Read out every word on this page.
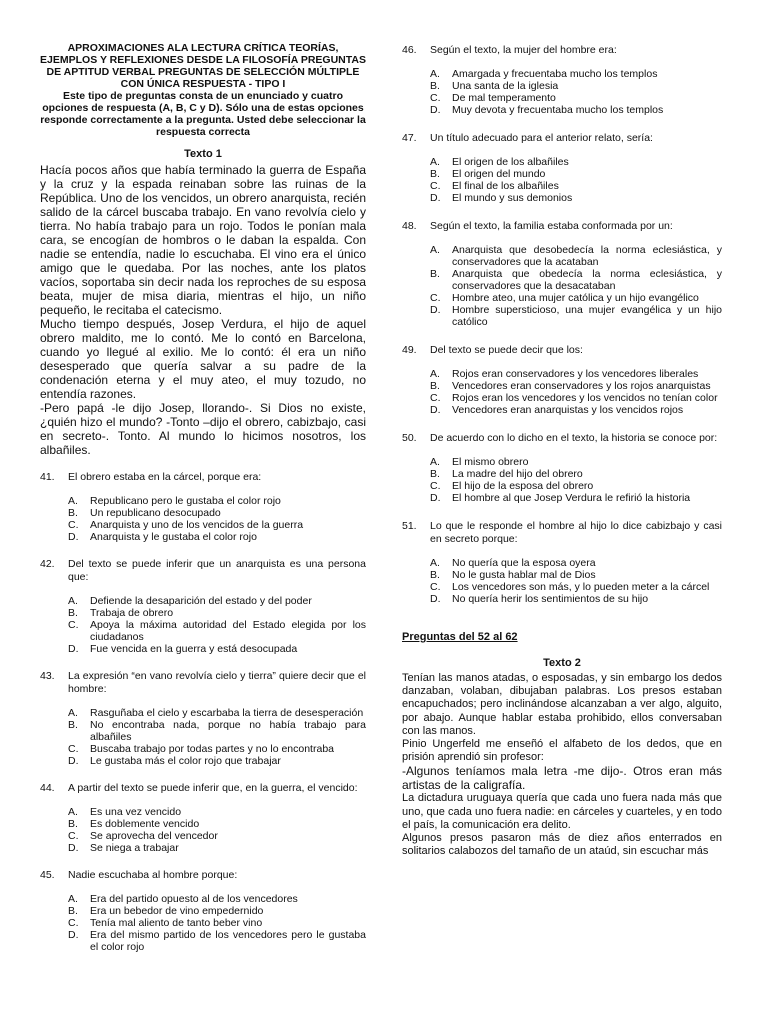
APROXIMACIONES ALA LECTURA CRÍTICA TEORÍAS, EJEMPLOS Y REFLEXIONES DESDE LA FILOSOFÍA PREGUNTAS DE APTITUD VERBAL PREGUNTAS DE SELECCIÓN MÚLTIPLE CON ÚNICA RESPUESTA - TIPO I
Este tipo de preguntas consta de un enunciado y cuatro opciones de respuesta (A, B, C y D). Sólo una de estas opciones responde correctamente a la pregunta. Usted debe seleccionar la respuesta correcta
Texto 1

Hacía pocos años que había terminado la guerra de España y la cruz y la espada reinaban sobre las ruinas de la República. Uno de los vencidos, un obrero anarquista, recién salido de la cárcel buscaba trabajo. En vano revolvía cielo y tierra. No había trabajo para un rojo. Todos le ponían mala cara, se encogían de hombros o le daban la espalda. Con nadie se entendía, nadie lo escuchaba. El vino era el único amigo que le quedaba. Por las noches, ante los platos vacíos, soportaba sin decir nada los reproches de su esposa beata, mujer de misa diaria, mientras el hijo, un niño pequeño, le recitaba el catecismo.

Mucho tiempo después, Josep Verdura, el hijo de aquel obrero maldito, me lo contó. Me lo contó en Barcelona, cuando yo llegué al exilio. Me lo contó: él era un niño desesperado que quería salvar a su padre de la condenación eterna y el muy ateo, el muy tozudo, no entendía razones.

-Pero papá -le dijo Josep, llorando-. Si Dios no existe, ¿quién hizo el mundo? -Tonto –dijo el obrero, cabizbajo, casi en secreto-. Tonto. Al mundo lo hicimos nosotros, los albañiles.

41.	El obrero estaba en la cárcel, porque era:

A.	Republicano pero le gustaba el color rojo
B.	Un republicano desocupado
C.	Anarquista y uno de los vencidos de la guerra
D.	Anarquista y le gustaba el color rojo

42.	Del texto se puede inferir que un anarquista es una persona que:

A.	Defiende la desaparición del estado y del poder
B.	Trabaja de obrero
C.	Apoya la máxima autoridad del Estado elegida por los ciudadanos
D.	Fue vencida en la guerra y está desocupada

43.	La expresión “en vano revolvía cielo y tierra” quiere decir que el hombre:

A.	Rasguñaba el cielo y escarbaba la tierra de desesperación
B.	No encontraba nada, porque no había trabajo para albañiles
C.	Buscaba trabajo por todas partes y no lo encontraba
D.	Le gustaba más el color rojo que trabajar

44.	A partir del texto se puede inferir que, en la guerra, el vencido:

A.	Es una vez vencido
B.	Es doblemente vencido
C.	Se aprovecha del vencedor
D.	Se niega a trabajar

45.	Nadie escuchaba al hombre porque:

A.	Era del partido opuesto al de los vencedores
B.	Era un bebedor de vino empedernido
C.	Tenía mal aliento de tanto beber vino
D.	Era del mismo partido de los vencedores pero le gustaba el color rojo

46.	Según el texto, la mujer del hombre era:

A.	Amargada y frecuentaba mucho los templos
B.	Una santa de la iglesia
C.	De mal temperamento
D.	Muy devota y frecuentaba mucho los templos

47.	Un título adecuado para el anterior relato, sería:

A.	El origen de los albañiles
B.	El origen del mundo
C.	El final de los albañiles
D.	El mundo y sus demonios

48.	Según el texto, la familia estaba conformada por un:

A.	Anarquista que desobedecía la norma eclesiástica, y conservadores que la acataban
B.	Anarquista que obedecía la norma eclesiástica, y conservadores que la desacataban
C.	Hombre ateo, una mujer católica y un hijo evangélico
D.	Hombre supersticioso, una mujer evangélica y un hijo católico

49.	Del texto se puede decir que los:

A.	Rojos eran conservadores y los vencedores liberales
B.	Vencedores eran conservadores y los rojos anarquistas
C.	Rojos eran los vencedores y los vencidos no tenían color
D.	Vencedores eran anarquistas y los vencidos rojos

50.	De acuerdo con lo dicho en el texto, la historia se conoce por:

A.	El mismo obrero
B.	La madre del hijo del obrero
C.	El hijo de la esposa del obrero
D.	El hombre al que Josep Verdura le refirió la historia

51.	Lo que le responde el hombre al hijo lo dice cabizbajo y casi en secreto porque:

A.	No quería que la esposa oyera
B.	No le gusta hablar mal de Dios
C.	Los vencedores son más, y lo pueden meter a la cárcel
D.	No quería herir los sentimientos de su hijo

Preguntas del 52 al 62

Texto 2

Tenían las manos atadas, o esposadas, y sin embargo los dedos danzaban, volaban, dibujaban palabras. Los presos estaban encapuchados; pero inclinándose alcanzaban a ver algo, alguito, por abajo. Aunque hablar estaba prohibido, ellos conversaban con las manos.

Pinio Ungerfeld me enseñó el alfabeto de los dedos, que en prisión aprendió sin profesor:

-Algunos teníamos mala letra -me dijo-. Otros eran más artistas de la caligrafía.

La dictadura uruguaya quería que cada uno fuera nada más que uno, que cada uno fuera nadie: en cárceles y cuarteles, y en todo el país, la comunicación era delito.

Algunos presos pasaron más de diez años enterrados en solitarios calabozos del tamaño de un ataúd, sin escuchar más
